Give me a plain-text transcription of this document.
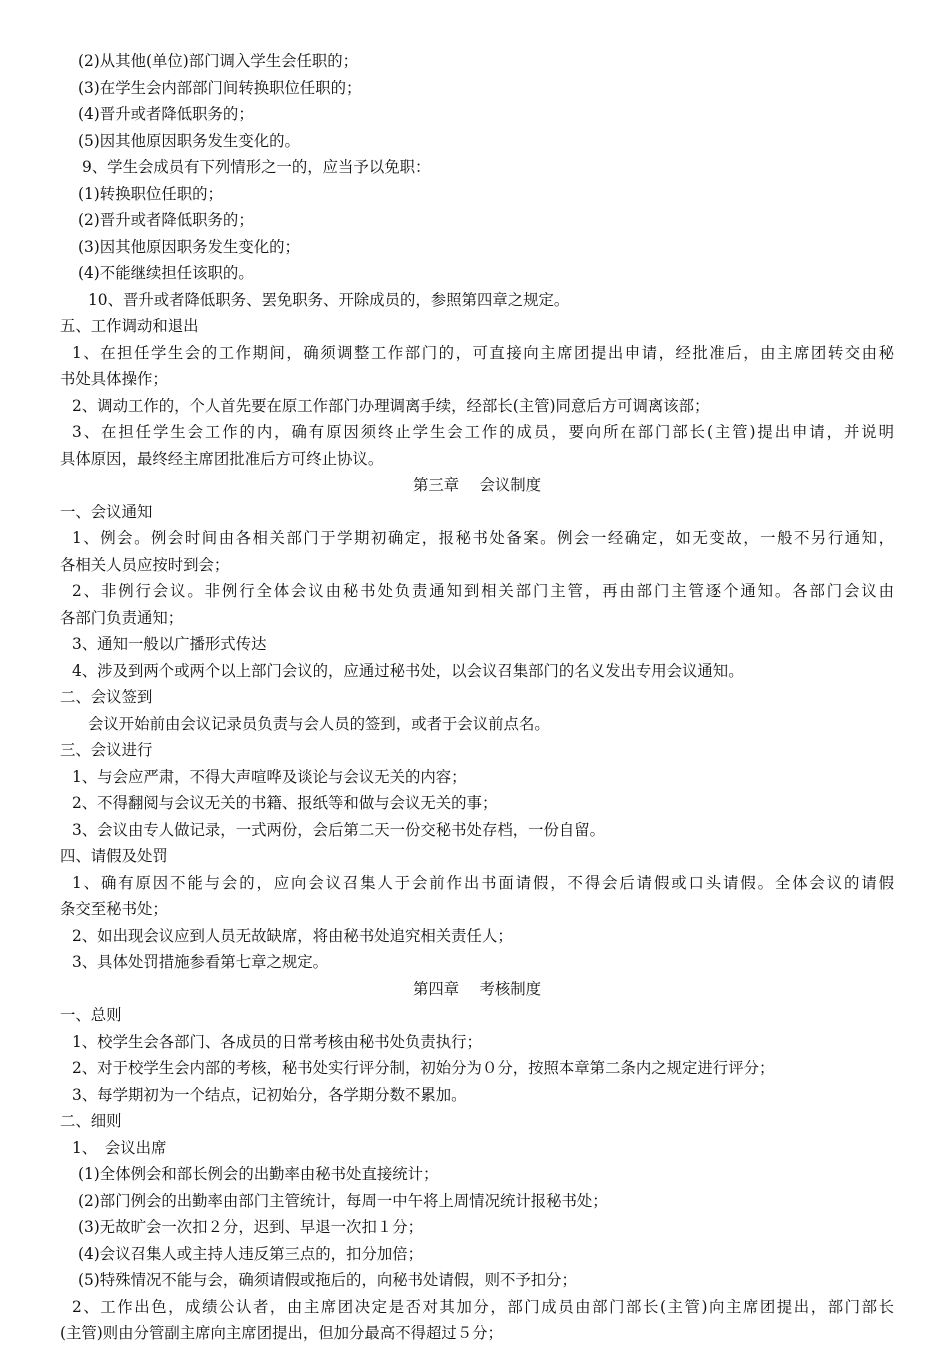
(2)从其他(单位)部门调入学生会任职的；
(3)在学生会内部部门间转换职位任职的；
(4)晋升或者降低职务的；
(5)因其他原因职务发生变化的。
9、学生会成员有下列情形之一的，应当予以免职：
(1)转换职位任职的；
(2)晋升或者降低职务的；
(3)因其他原因职务发生变化的；
(4)不能继续担任该职的。
10、晋升或者降低职务、罢免职务、开除成员的，参照第四章之规定。
五、工作调动和退出
1、在担任学生会的工作期间，确须调整工作部门的，可直接向主席团提出申请，经批准后，由主席团转交由秘
书处具体操作；
2、调动工作的，个人首先要在原工作部门办理调离手续，经部长(主管)同意后方可调离该部；
3、在担任学生会工作的内，确有原因须终止学生会工作的成员，要向所在部门部长(主管)提出申请，并说明
具体原因，最终经主席团批准后方可终止协议。
第三章　 会议制度
一、会议通知
1、例会。例会时间由各相关部门于学期初确定，报秘书处备案。例会一经确定，如无变故，一般不另行通知，
各相关人员应按时到会；
2、非例行会议。非例行全体会议由秘书处负责通知到相关部门主管，再由部门主管逐个通知。各部门会议由
各部门负责通知；
3、通知一般以广播形式传达
4、涉及到两个或两个以上部门会议的，应通过秘书处，以会议召集部门的名义发出专用会议通知。
二、会议签到
会议开始前由会议记录员负责与会人员的签到，或者于会议前点名。
三、会议进行
1、与会应严肃，不得大声喧哗及谈论与会议无关的内容；
2、不得翻阅与会议无关的书籍、报纸等和做与会议无关的事；
3、会议由专人做记录，一式两份，会后第二天一份交秘书处存档，一份自留。
四、请假及处罚
1、确有原因不能与会的，应向会议召集人于会前作出书面请假，不得会后请假或口头请假。全体会议的请假
条交至秘书处；
2、如出现会议应到人员无故缺席，将由秘书处追究相关责任人；
3、具体处罚措施参看第七章之规定。
第四章　 考核制度
一、总则
1、校学生会各部门、各成员的日常考核由秘书处负责执行；
2、对于校学生会内部的考核，秘书处实行评分制，初始分为０分，按照本章第二条内之规定进行评分；
3、每学期初为一个结点，记初始分，各学期分数不累加。
二、细则
1、　会议出席
(1)全体例会和部长例会的出勤率由秘书处直接统计；
(2)部门例会的出勤率由部门主管统计，每周一中午将上周情况统计报秘书处；
(3)无故旷会一次扣２分，迟到、早退一次扣１分；
(4)会议召集人或主持人违反第三点的，扣分加倍；
(5)特殊情况不能与会，确须请假或拖后的，向秘书处请假，则不予扣分；
2、工作出色，成绩公认者，由主席团决定是否对其加分，部门成员由部门部长(主管)向主席团提出，部门部长
(主管)则由分管副主席向主席团提出，但加分最高不得超过５分；
